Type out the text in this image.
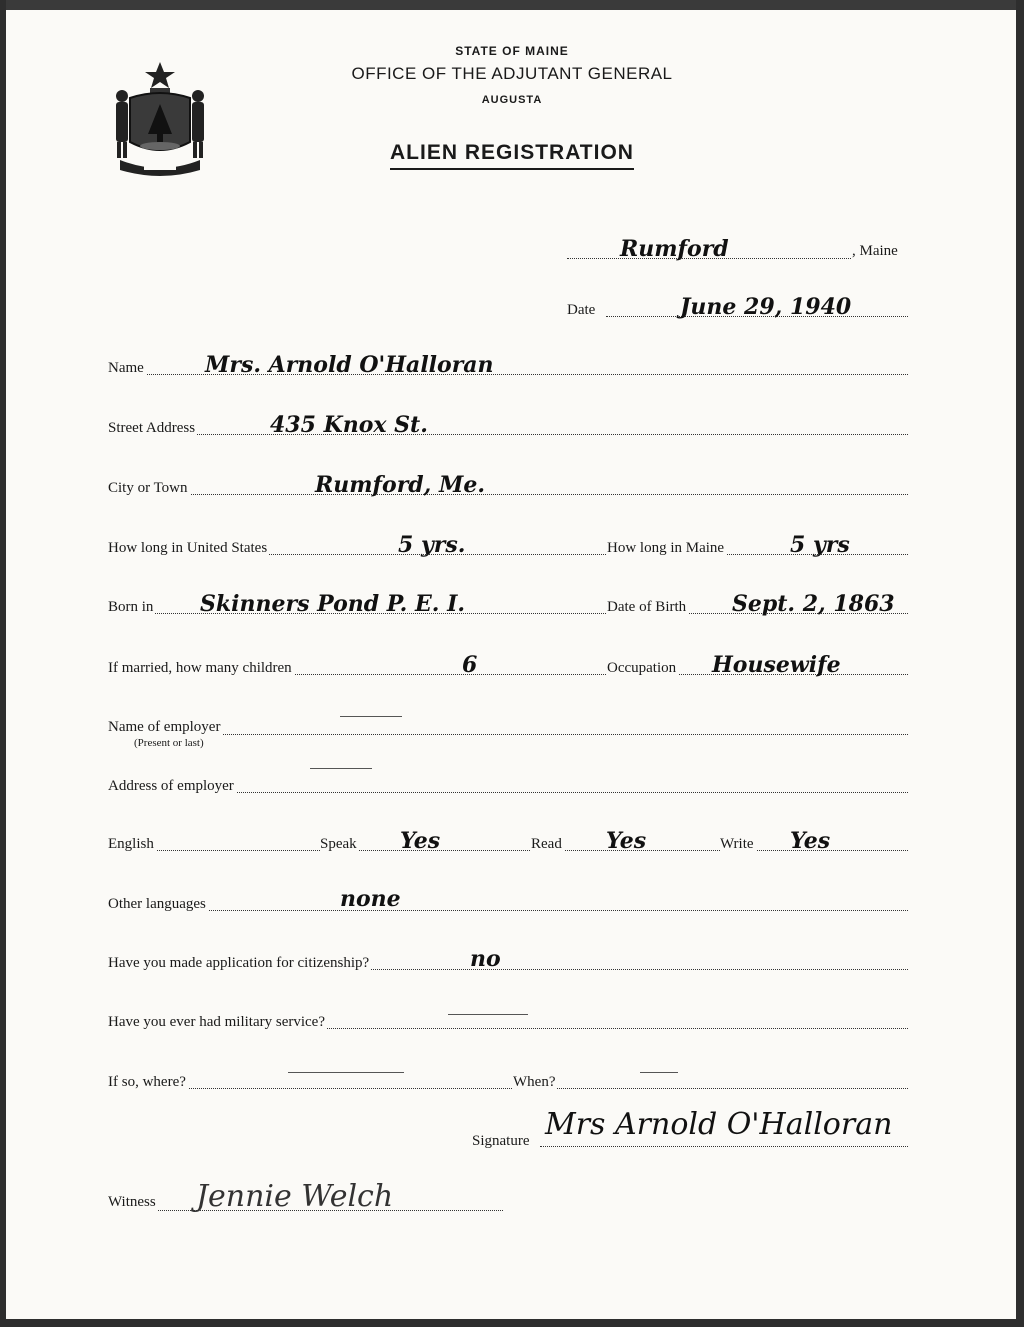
STATE OF MAINE
OFFICE OF THE ADJUTANT GENERAL
AUGUSTA
ALIEN REGISTRATION
Rumford	, Maine
Date	June 29, 1940
Name	Mrs. Arnold O'Halloran
Street Address	435 Knox St.
City or Town	Rumford, Me.
How long in United States	5 yrs.	How long in Maine	5 yrs
Born in Skinners Pond P. E. I.	Date of Birth Sept. 2, 1863
If married, how many children	6	Occupation Housewife
Name of employer
(Present or last)
Address of employer
English	Speak Yes	Read Yes	Write Yes
Other languages	none
Have you made application for citizenship?	no
Have you ever had military service?
If so, where?	When?
Signature Mrs Arnold O'Halloran
Witness Jennie Welch
